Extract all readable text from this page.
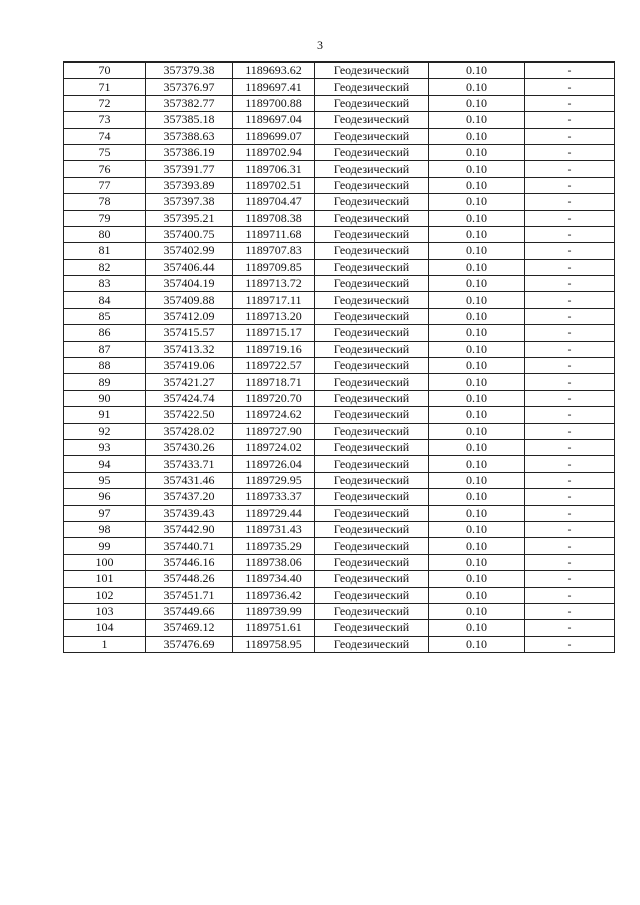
3
70	357379.38	1189693.62	Геодезический	0.10	-
71	357376.97	1189697.41	Геодезический	0.10	-
72	357382.77	1189700.88	Геодезический	0.10	-
73	357385.18	1189697.04	Геодезический	0.10	-
74	357388.63	1189699.07	Геодезический	0.10	-
75	357386.19	1189702.94	Геодезический	0.10	-
76	357391.77	1189706.31	Геодезический	0.10	-
77	357393.89	1189702.51	Геодезический	0.10	-
78	357397.38	1189704.47	Геодезический	0.10	-
79	357395.21	1189708.38	Геодезический	0.10	-
80	357400.75	1189711.68	Геодезический	0.10	-
81	357402.99	1189707.83	Геодезический	0.10	-
82	357406.44	1189709.85	Геодезический	0.10	-
83	357404.19	1189713.72	Геодезический	0.10	-
84	357409.88	1189717.11	Геодезический	0.10	-
85	357412.09	1189713.20	Геодезический	0.10	-
86	357415.57	1189715.17	Геодезический	0.10	-
87	357413.32	1189719.16	Геодезический	0.10	-
88	357419.06	1189722.57	Геодезический	0.10	-
89	357421.27	1189718.71	Геодезический	0.10	-
90	357424.74	1189720.70	Геодезический	0.10	-
91	357422.50	1189724.62	Геодезический	0.10	-
92	357428.02	1189727.90	Геодезический	0.10	-
93	357430.26	1189724.02	Геодезический	0.10	-
94	357433.71	1189726.04	Геодезический	0.10	-
95	357431.46	1189729.95	Геодезический	0.10	-
96	357437.20	1189733.37	Геодезический	0.10	-
97	357439.43	1189729.44	Геодезический	0.10	-
98	357442.90	1189731.43	Геодезический	0.10	-
99	357440.71	1189735.29	Геодезический	0.10	-
100	357446.16	1189738.06	Геодезический	0.10	-
101	357448.26	1189734.40	Геодезический	0.10	-
102	357451.71	1189736.42	Геодезический	0.10	-
103	357449.66	1189739.99	Геодезический	0.10	-
104	357469.12	1189751.61	Геодезический	0.10	-
1	357476.69	1189758.95	Геодезический	0.10	-
